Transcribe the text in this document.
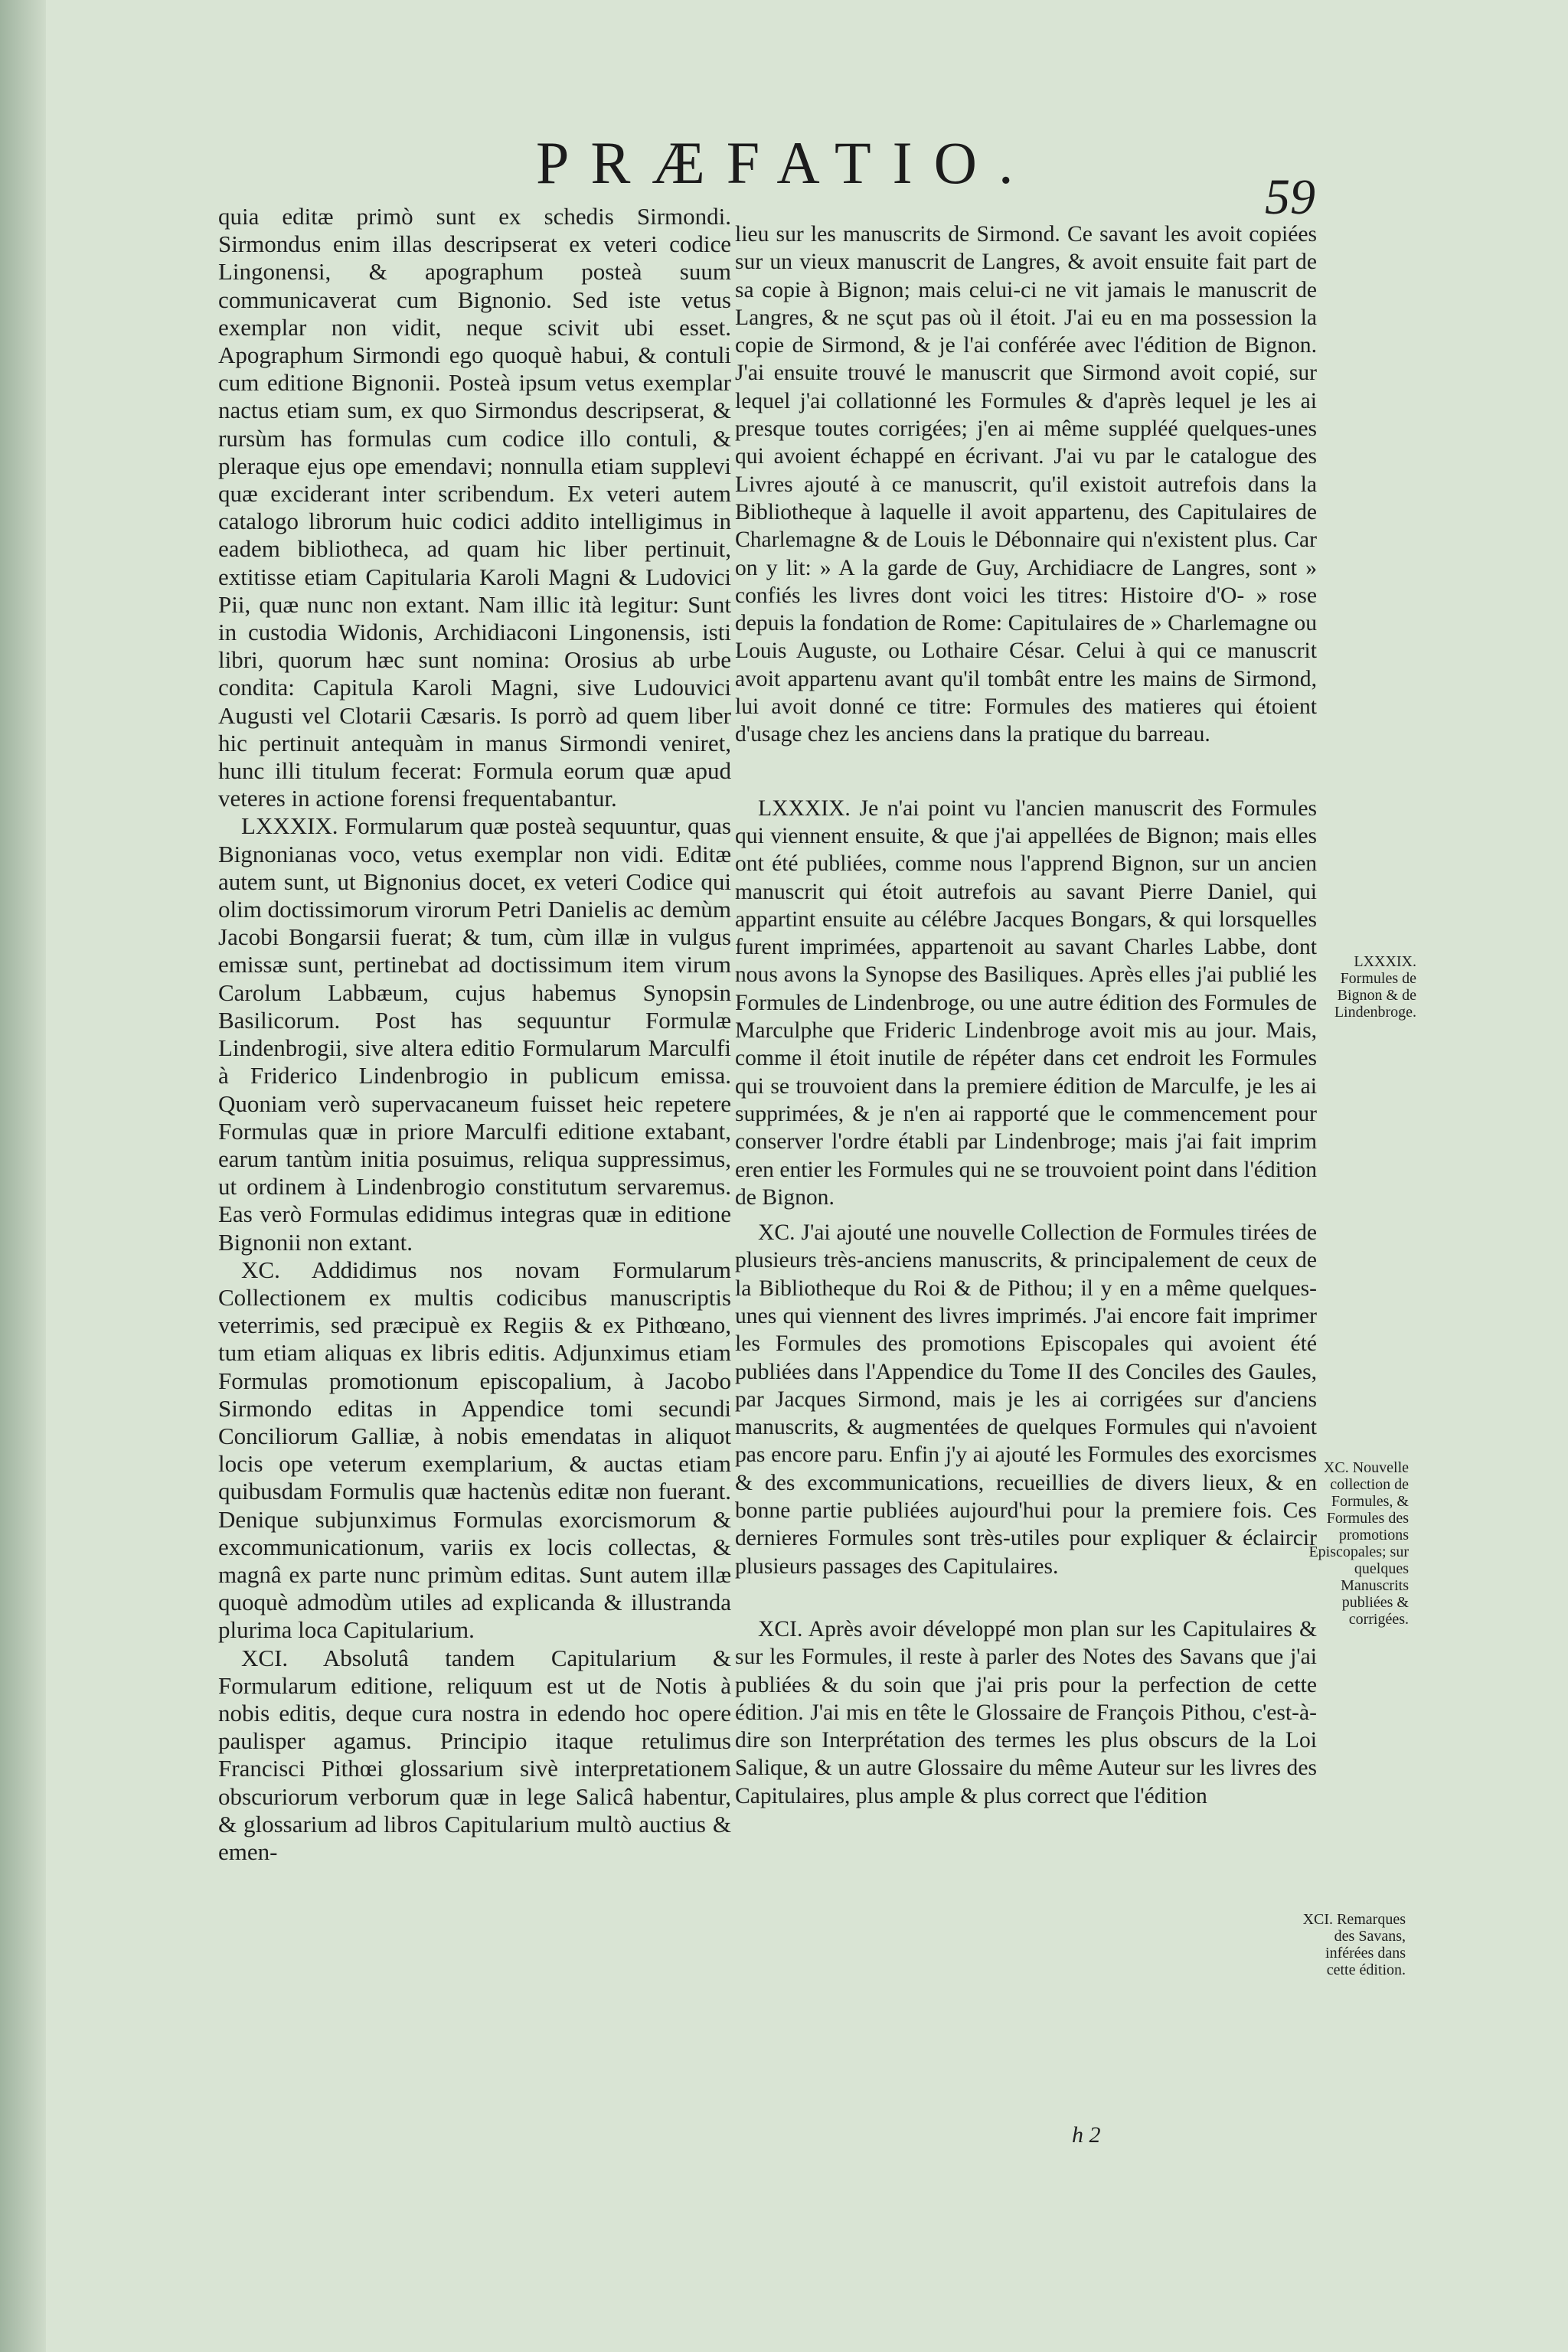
PRÆFATIO.
59

quia editæ primò sunt ex schedis Sirmondi. Sirmondus enim illas descripserat ex veteri codice Lingonensi, & apographum posteà suum communicaverat cum Bignonio. Sed iste vetus exemplar non vidit, neque scivit ubi esset. Apographum Sirmondi ego quoquè habui, & contuli cum editione Bignonii. Posteà ipsum vetus exemplar nactus etiam sum, ex quo Sirmondus descripserat, & rursùm has formulas cum codice illo contuli, & pleraque ejus ope emendavi; nonnulla etiam supplevi quæ exciderant inter scribendum. Ex veteri autem catalogo librorum huic codici addito intelligimus in eadem bibliotheca, ad quam hic liber pertinuit, extitisse etiam Capitularia Karoli Magni & Ludovici Pii, quæ nunc non extant. Nam illic ità legitur: Sunt in custodia Widonis, Archidiaconi Lingonensis, isti libri, quorum hæc sunt nomina: Orosius ab urbe condita: Capitula Karoli Magni, sive Ludouvici Augusti vel Clotarii Cæsaris. Is porrò ad quem liber hic pertinuit antequàm in manus Sirmondi veniret, hunc illi titulum fecerat: Formula eorum quæ apud veteres in actione forensi frequentabantur.

LXXXIX. Formularum quæ posteà sequuntur, quas Bignonianas voco, vetus exemplar non vidi. Editæ autem sunt, ut Bignonius docet, ex veteri Codice qui olim doctissimorum virorum Petri Danielis ac demùm Jacobi Bongarsii fuerat; & tum, cùm illæ in vulgus emissæ sunt, pertinebat ad doctissimum item virum Carolum Labbæum, cujus habemus Synopsin Basilicorum. Post has sequuntur Formulæ Lindenbrogii, sive altera editio Formularum Marculfi à Friderico Lindenbrogio in publicum emissa. Quoniam verò supervacaneum fuisset heic repetere Formulas quæ in priore Marculfi editione extabant, earum tantùm initia posuimus, reliqua suppressimus, ut ordinem à Lindenbrogio constitutum servaremus. Eas verò Formulas edidimus integras quæ in editione Bignonii non extant.

XC. Addidimus nos novam Formularum Collectionem ex multis codicibus manuscriptis veterrimis, sed præcipuè ex Regiis & ex Pithœano, tum etiam aliquas ex libris editis. Adjunximus etiam Formulas promotionum episcopalium, à Jacobo Sirmondo editas in Appendice tomi secundi Conciliorum Galliæ, à nobis emendatas in aliquot locis ope veterum exemplarium, & auctas etiam quibusdam Formulis quæ hactenùs editæ non fuerant. Denique subjunximus Formulas exorcismorum & excommunicationum, variis ex locis collectas, & magnâ ex parte nunc primùm editas. Sunt autem illæ quoquè admodùm utiles ad explicanda & illustranda plurima loca Capitularium.

XCI. Absolutâ tandem Capitularium & Formularum editione, reliquum est ut de Notis à nobis editis, deque cura nostra in edendo hoc opere paulisper agamus. Principio itaque retulimus Francisci Pithœi glossarium sivè interpretationem obscuriorum verborum quæ in lege Salicâ habentur, & glossarium ad libros Capitularium multò auctius & emen-

lieu sur les manuscrits de Sirmond. Ce savant les avoit copiées sur un vieux manuscrit de Langres, & avoit ensuite fait part de sa copie à Bignon; mais celui-ci ne vit jamais le manuscrit de Langres, & ne sçut pas où il étoit. J'ai eu en ma possession la copie de Sirmond, & je l'ai conférée avec l'édition de Bignon. J'ai ensuite trouvé le manuscrit que Sirmond avoit copié, sur lequel j'ai collationné les Formules & d'après lequel je les ai presque toutes corrigées; j'en ai même suppléé quelques-unes qui avoient échappé en écrivant. J'ai vu par le catalogue des Livres ajouté à ce manuscrit, qu'il existoit autrefois dans la Bibliotheque à laquelle il avoit appartenu, des Capitulaires de Charlemagne & de Louis le Débonnaire qui n'existent plus. Car on y lit: » A la garde de Guy, Archidiacre de Langres, sont » confiés les livres dont voici les titres: Histoire d'O- » rose depuis la fondation de Rome: Capitulaires de » Charlemagne ou Louis Auguste, ou Lothaire César. Celui à qui ce manuscrit avoit appartenu avant qu'il tombât entre les mains de Sirmond, lui avoit donné ce titre: Formules des matieres qui étoient d'usage chez les anciens dans la pratique du barreau.

LXXXIX. Je n'ai point vu l'ancien manuscrit des Formules qui viennent ensuite, & que j'ai appellées de Bignon; mais elles ont été publiées, comme nous l'apprend Bignon, sur un ancien manuscrit qui étoit autrefois au savant Pierre Daniel, qui appartint ensuite au célébre Jacques Bongars, & qui lorsquelles furent imprimées, appartenoit au savant Charles Labbe, dont nous avons la Synopse des Basiliques. Après elles j'ai publié les Formules de Lindenbroge, ou une autre édition des Formules de Marculphe que Frideric Lindenbroge avoit mis au jour. Mais, comme il étoit inutile de répéter dans cet endroit les Formules qui se trouvoient dans la premiere édition de Marculfe, je les ai supprimées, & je n'en ai rapporté que le commencement pour conserver l'ordre établi par Lindenbroge; mais j'ai fait imprim eren entier les Formules qui ne se trouvoient point dans l'édition de Bignon.

XC. J'ai ajouté une nouvelle Collection de Formules tirées de plusieurs très-anciens manuscrits, & principalement de ceux de la Bibliotheque du Roi & de Pithou; il y en a même quelques-unes qui viennent des livres imprimés. J'ai encore fait imprimer les Formules des promotions Episcopales qui avoient été publiées dans l'Appendice du Tome II des Conciles des Gaules, par Jacques Sirmond, mais je les ai corrigées sur d'anciens manuscrits, & augmentées de quelques Formules qui n'avoient pas encore paru. Enfin j'y ai ajouté les Formules des exorcismes & des excommunications, recueillies de divers lieux, & en bonne partie publiées aujourd'hui pour la premiere fois. Ces dernieres Formules sont très-utiles pour expliquer & éclaircir plusieurs passages des Capitulaires.

XCI. Après avoir développé mon plan sur les Capitulaires & sur les Formules, il reste à parler des Notes des Savans que j'ai publiées & du soin que j'ai pris pour la perfection de cette édition. J'ai mis en tête le Glossaire de François Pithou, c'est-à-dire son Interprétation des termes les plus obscurs de la Loi Salique, & un autre Glossaire du même Auteur sur les livres des Capitulaires, plus ample & plus correct que l'édition

LXXXIX. Formules de Bignon & de Lindenbroge.
XC. Nouvelle collection de Formules, & Formules des promotions Episcopales; sur quelques Manuscrits publiées & corrigées.
XCI. Remarques des Savans, inférées dans cette édition.
h 2
